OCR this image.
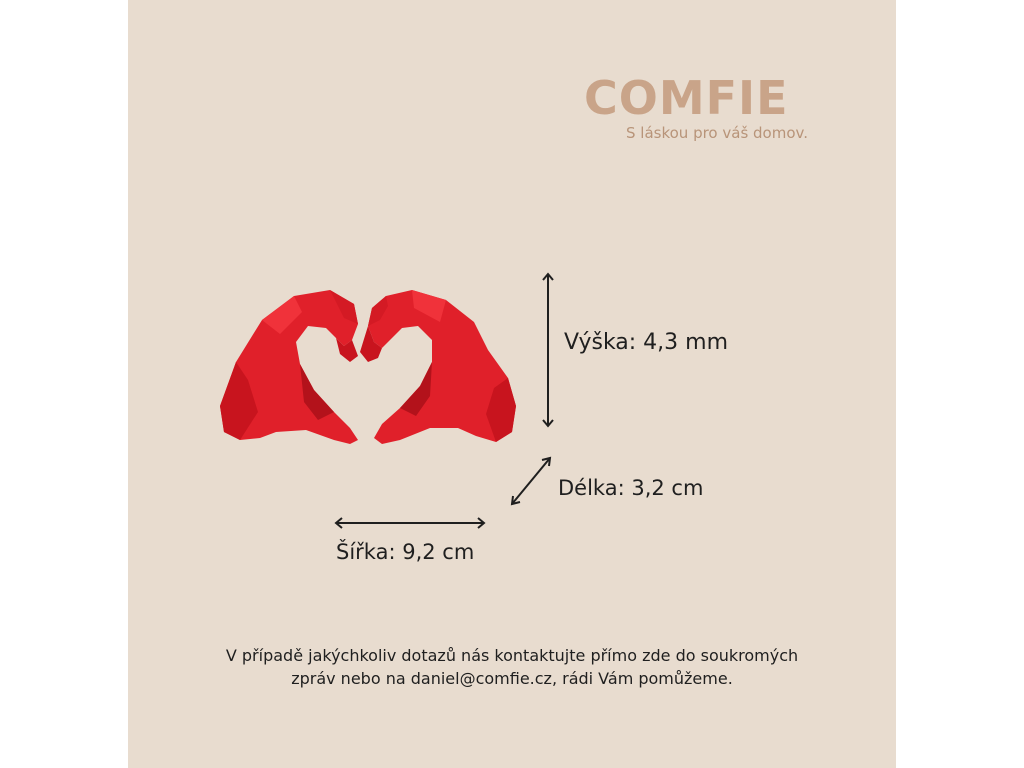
COMFIE
S láskou pro váš domov.
Výška: 4,3 mm
Délka: 3,2 cm
Šířka: 9,2 cm
V případě jakýchkoliv dotazů nás kontaktujte přímo zde do soukromých zpráv nebo na daniel@comfie.cz, rádi Vám pomůžeme.
